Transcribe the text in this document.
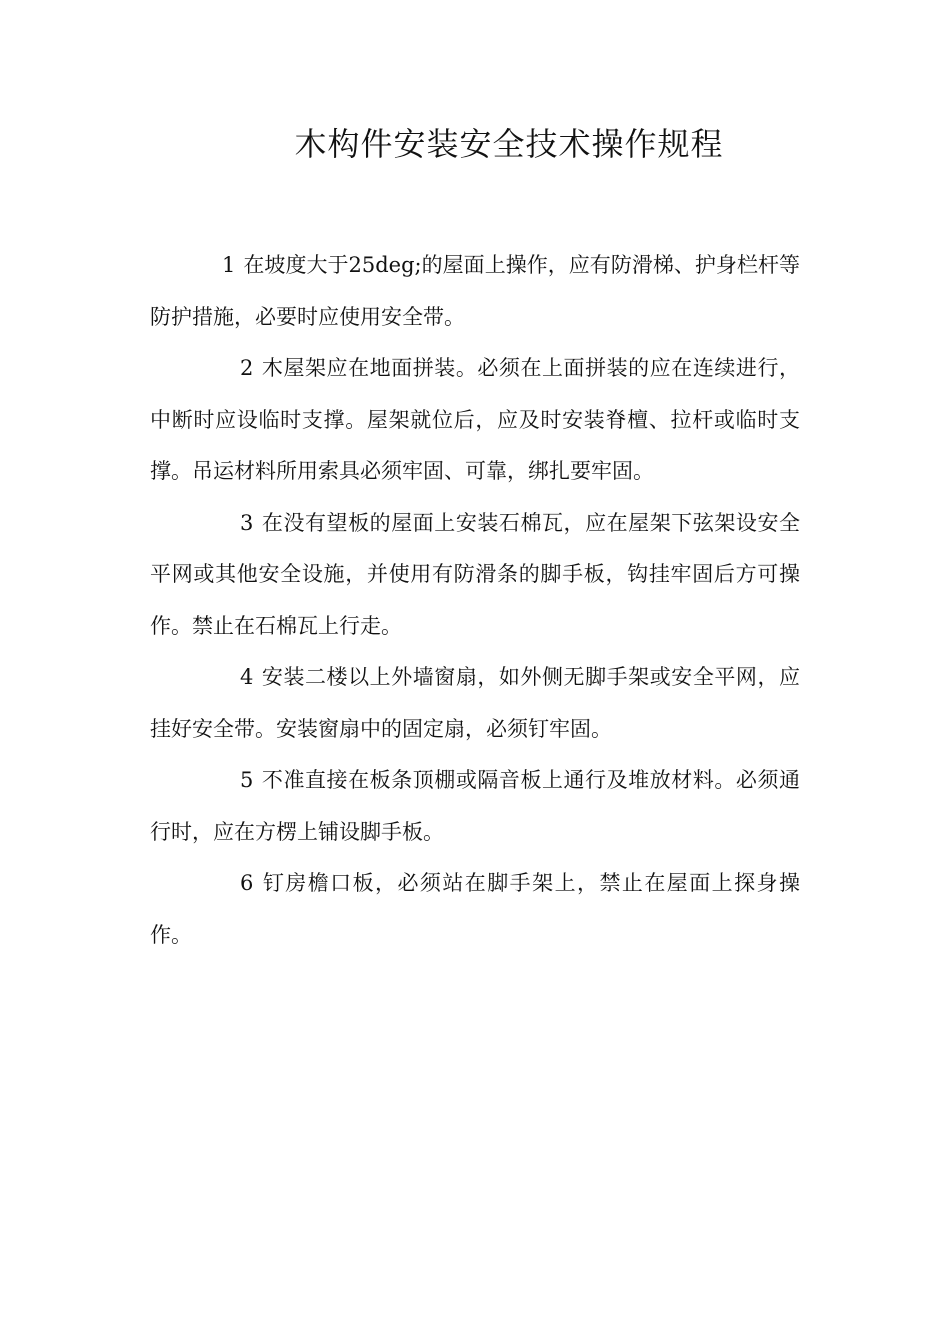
木构件安装安全技术操作规程

1 在坡度大于25deg;的屋面上操作，应有防滑梯、护身栏杆等防护措施，必要时应使用安全带。

2 木屋架应在地面拼装。必须在上面拼装的应在连续进行，中断时应设临时支撑。屋架就位后，应及时安装脊檀、拉杆或临时支撑。吊运材料所用索具必须牢固、可靠，绑扎要牢固。

3 在没有望板的屋面上安装石棉瓦，应在屋架下弦架设安全平网或其他安全设施，并使用有防滑条的脚手板，钩挂牢固后方可操作。禁止在石棉瓦上行走。

4 安装二楼以上外墙窗扇，如外侧无脚手架或安全平网，应挂好安全带。安装窗扇中的固定扇，必须钉牢固。

5 不准直接在板条顶棚或隔音板上通行及堆放材料。必须通行时，应在方楞上铺设脚手板。

6 钉房檐口板，必须站在脚手架上，禁止在屋面上探身操作。
